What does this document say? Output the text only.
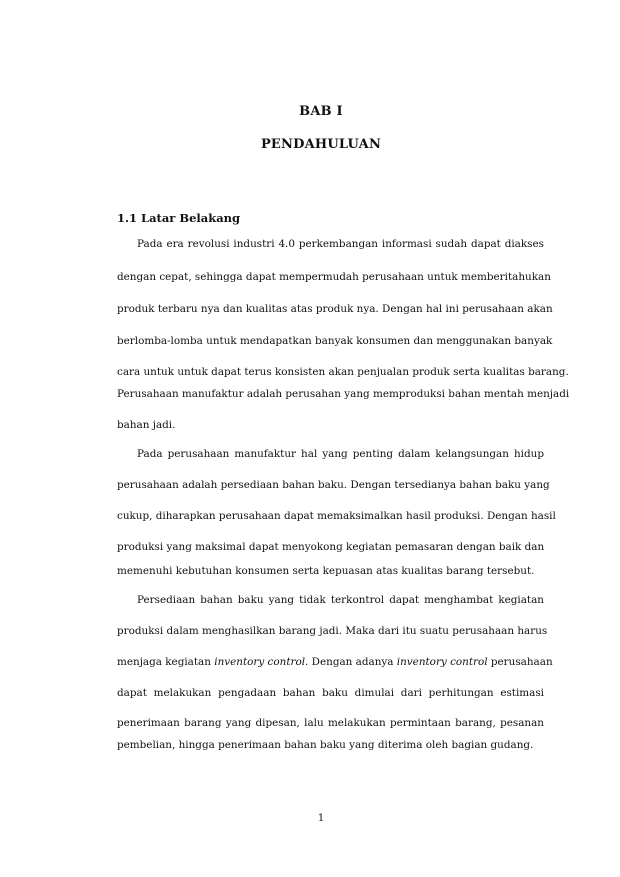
BAB I
PENDAHULUAN
1.1 Latar Belakang
Pada era revolusi industri 4.0 perkembangan informasi sudah dapat diakses
dengan cepat, sehingga dapat mempermudah perusahaan untuk memberitahukan
produk terbaru nya dan kualitas atas produk nya. Dengan hal ini perusahaan akan
berlomba-lomba untuk mendapatkan banyak konsumen dan menggunakan banyak
cara untuk untuk dapat terus konsisten akan penjualan produk serta kualitas barang.
Perusahaan manufaktur adalah perusahan yang memproduksi bahan mentah menjadi
bahan jadi.
Pada perusahaan manufaktur hal yang penting dalam kelangsungan hidup
perusahaan adalah persediaan bahan baku. Dengan tersedianya bahan baku yang
cukup, diharapkan perusahaan dapat memaksimalkan hasil produksi. Dengan hasil
produksi yang maksimal dapat menyokong kegiatan pemasaran dengan baik dan
memenuhi kebutuhan konsumen serta kepuasan atas kualitas barang tersebut.
Persediaan bahan baku yang tidak terkontrol dapat menghambat kegiatan
produksi dalam menghasilkan barang jadi. Maka dari itu suatu perusahaan harus
menjaga kegiatan inventory control. Dengan adanya inventory control perusahaan
dapat melakukan pengadaan bahan baku dimulai dari perhitungan estimasi
penerimaan barang yang dipesan, lalu melakukan permintaan barang, pesanan
pembelian, hingga penerimaan bahan baku yang diterima oleh bagian gudang.
1
